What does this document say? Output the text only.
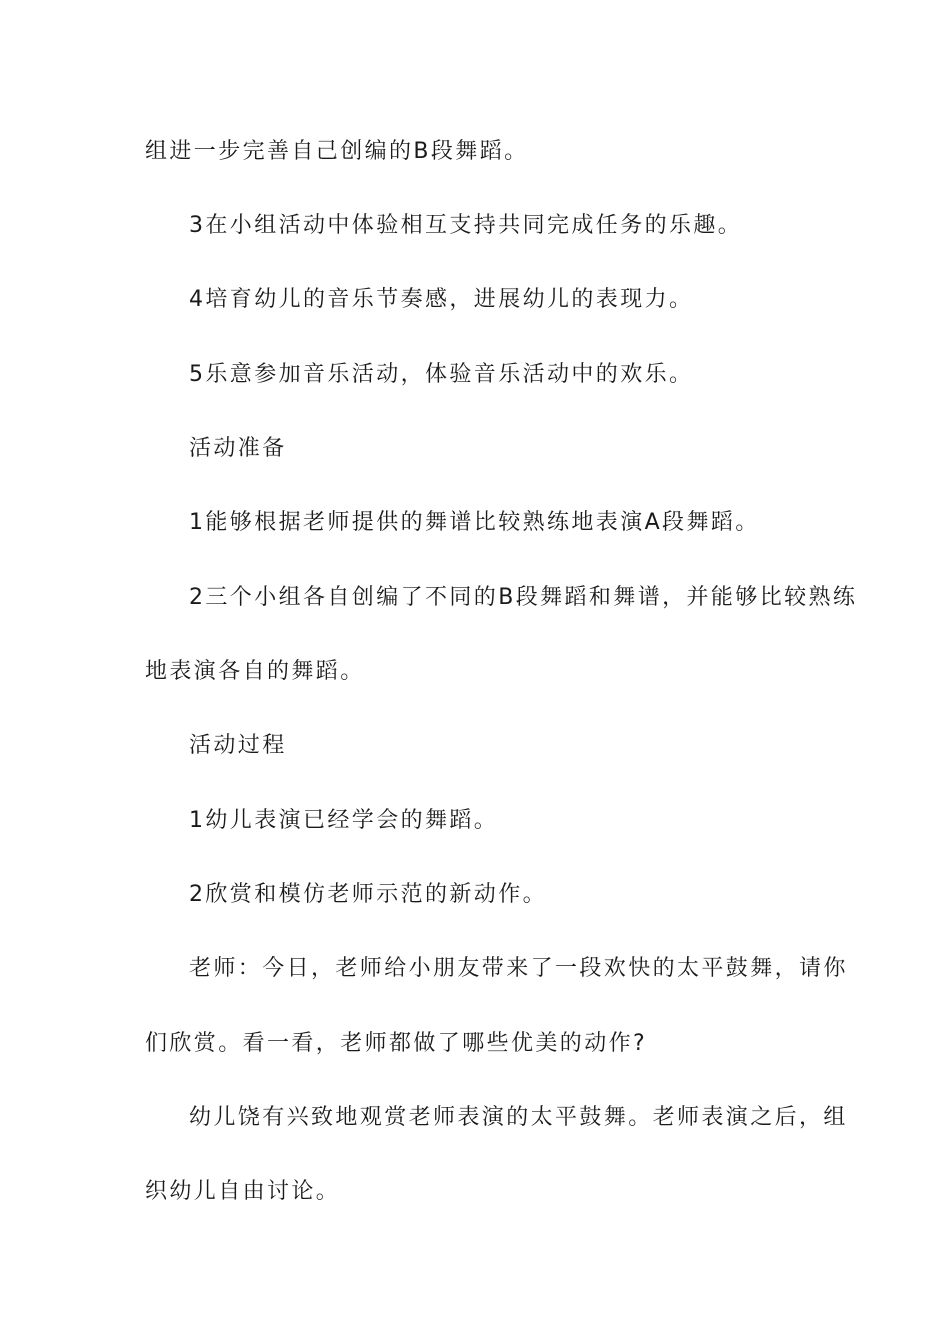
组进一步完善自己创编的B段舞蹈。

3在小组活动中体验相互支持共同完成任务的乐趣。

4培育幼儿的音乐节奏感，进展幼儿的表现力。

5乐意参加音乐活动，体验音乐活动中的欢乐。

活动准备

1能够根据老师提供的舞谱比较熟练地表演A段舞蹈。

2三个小组各自创编了不同的B段舞蹈和舞谱，并能够比较熟练

地表演各自的舞蹈。

活动过程

1幼儿表演已经学会的舞蹈。

2欣赏和模仿老师示范的新动作。

老师：今日，老师给小朋友带来了一段欢快的太平鼓舞，请你

们欣赏。看一看，老师都做了哪些优美的动作?

幼儿饶有兴致地观赏老师表演的太平鼓舞。老师表演之后，组

织幼儿自由讨论。
